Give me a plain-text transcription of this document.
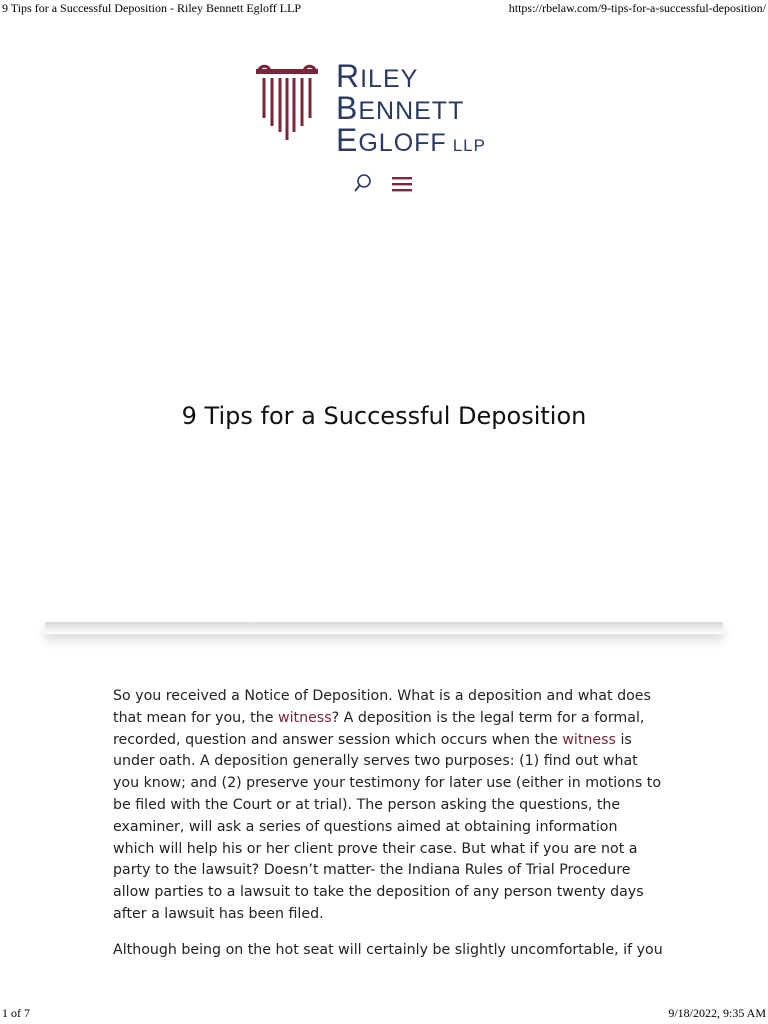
9 Tips for a Successful Deposition - Riley Bennett Egloff LLP	https://rbelaw.com/9-tips-for-a-successful-deposition/
RILEY
BENNETT
EGLOFF LLP
9 Tips for a Successful Deposition

So you received a Notice of Deposition. What is a deposition and what does that mean for you, the witness? A deposition is the legal term for a formal, recorded, question and answer session which occurs when the witness is under oath. A deposition generally serves two purposes: (1) find out what you know; and (2) preserve your testimony for later use (either in motions to be filed with the Court or at trial). The person asking the questions, the examiner, will ask a series of questions aimed at obtaining information which will help his or her client prove their case. But what if you are not a party to the lawsuit? Doesn’t matter- the Indiana Rules of Trial Procedure allow parties to a lawsuit to take the deposition of any person twenty days after a lawsuit has been filed.

Although being on the hot seat will certainly be slightly uncomfortable, if you

1 of 7	9/18/2022, 9:35 AM
